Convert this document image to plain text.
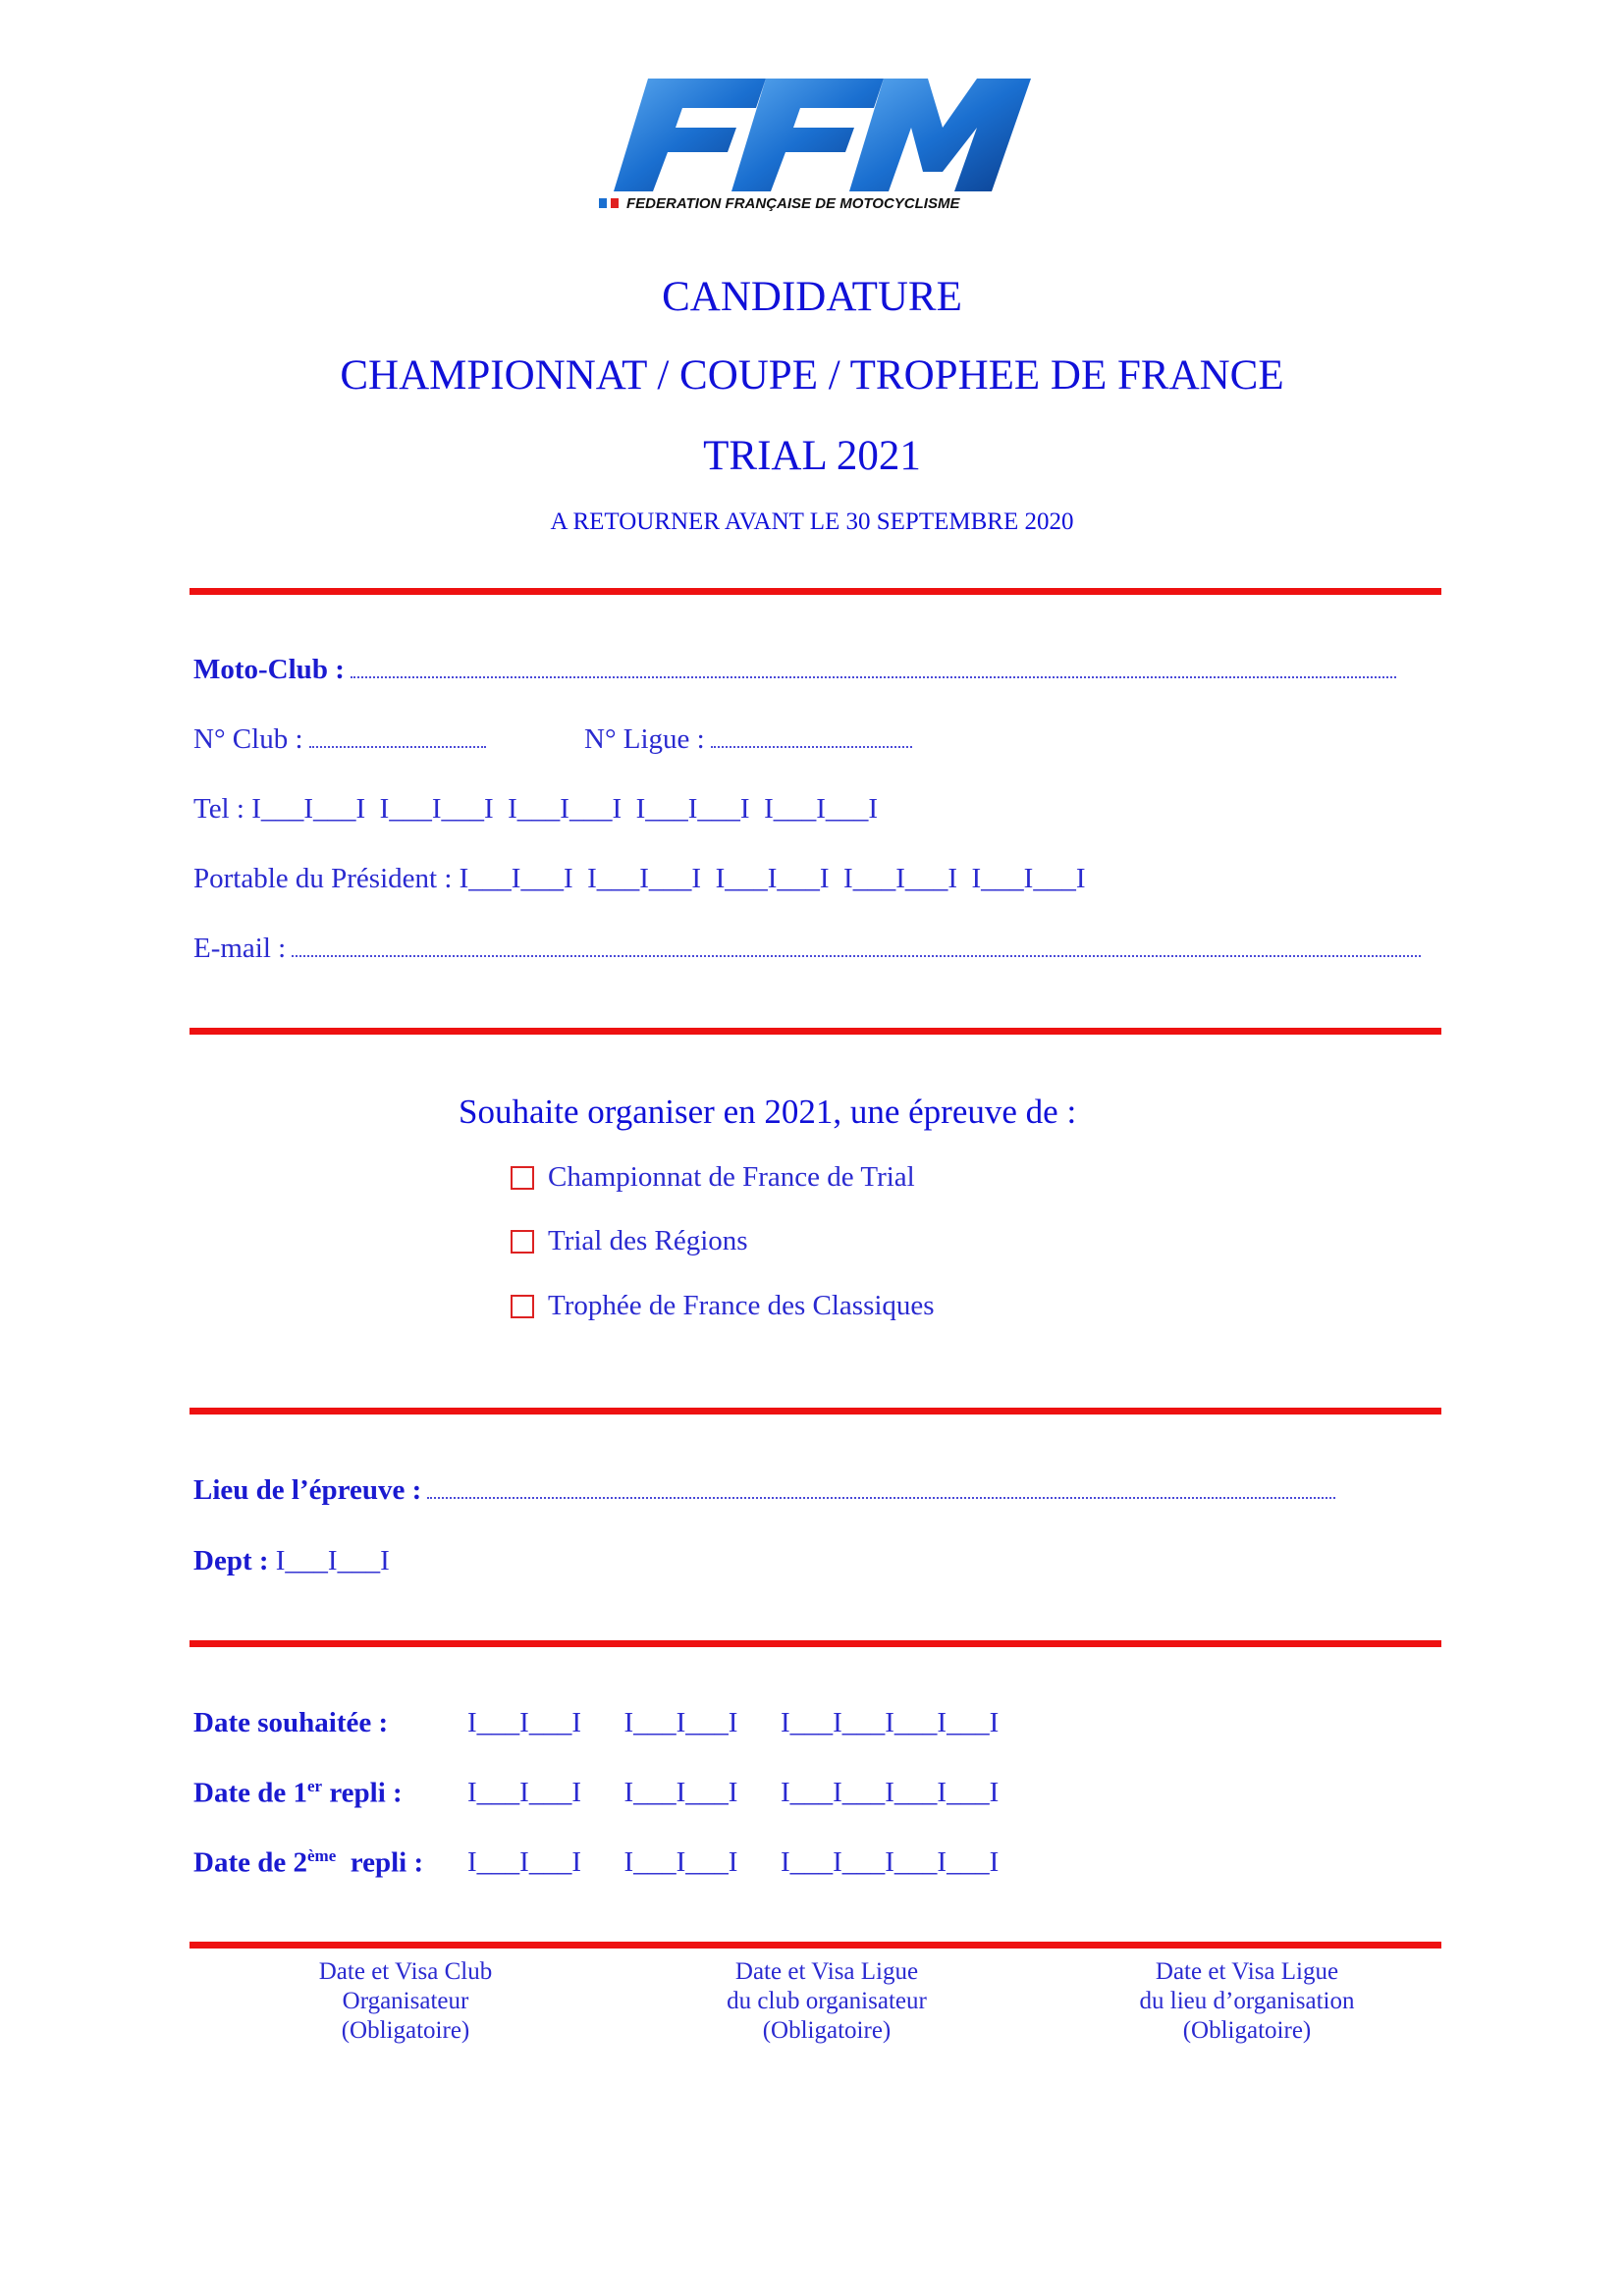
FEDERATION FRANÇAISE DE MOTOCYCLISME
CANDIDATURE
CHAMPIONNAT / COUPE / TROPHEE DE FRANCE
TRIAL 2021
A RETOURNER AVANT LE 30 SEPTEMBRE 2020
Moto-Club :
N° Club :	N° Ligue :
Tel : I___I___I  I___I___I  I___I___I  I___I___I  I___I___I
Portable du Président : I___I___I  I___I___I  I___I___I  I___I___I  I___I___I
E-mail :
Souhaite organiser en 2021, une épreuve de :
Championnat de France de Trial
Trial des Régions
Trophée de France des Classiques
Lieu de l’épreuve :
Dept : I___I___I
Date souhaitée :	I___I___I      I___I___I      I___I___I___I___I
Date de 1er repli : I___I___I      I___I___I      I___I___I___I___I
Date de 2ème  repli : I___I___I      I___I___I      I___I___I___I___I
Date et Visa Club
Organisateur
(Obligatoire)
Date et Visa Ligue
du club organisateur
(Obligatoire)
Date et Visa Ligue
du lieu d’organisation
(Obligatoire)
